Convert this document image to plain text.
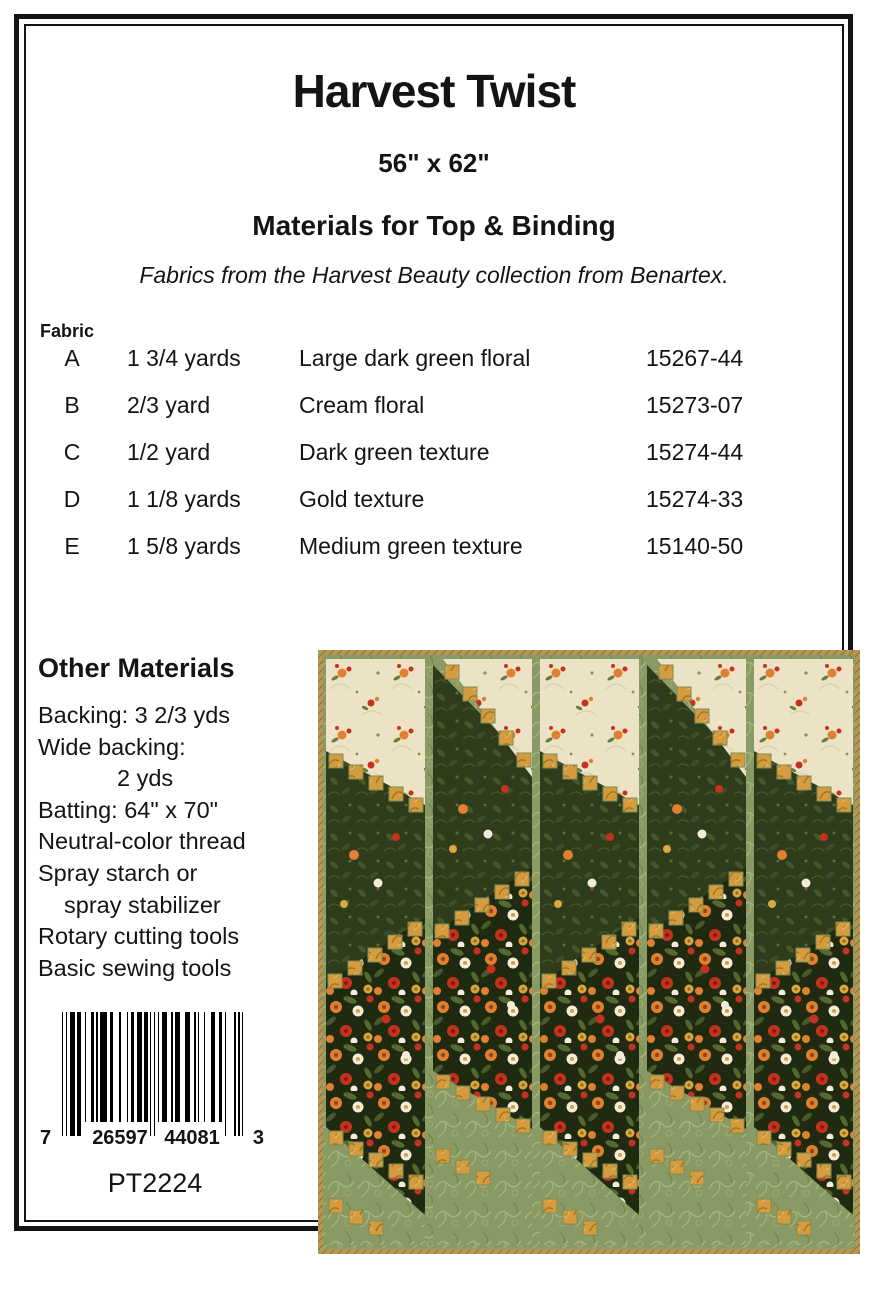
Harvest Twist
56" x 62"
Materials for Top & Binding
Fabrics from the Harvest Beauty collection from Benartex.
Fabric
A	1 3/4 yards	Large dark green floral	15267-44
B	2/3 yard	Cream floral	15273-07
C	1/2 yard	Dark green texture	15274-44
D	1 1/8 yards	Gold texture	15274-33
E	1 5/8 yards	Medium green texture	15140-50
Other Materials
Backing: 3 2/3 yds
Wide backing:
2 yds
Batting: 64" x 70"
Neutral-color thread
Spray starch or
spray stabilizer
Rotary cutting tools
Basic sewing tools
7	26597 44081	3
PT2224
